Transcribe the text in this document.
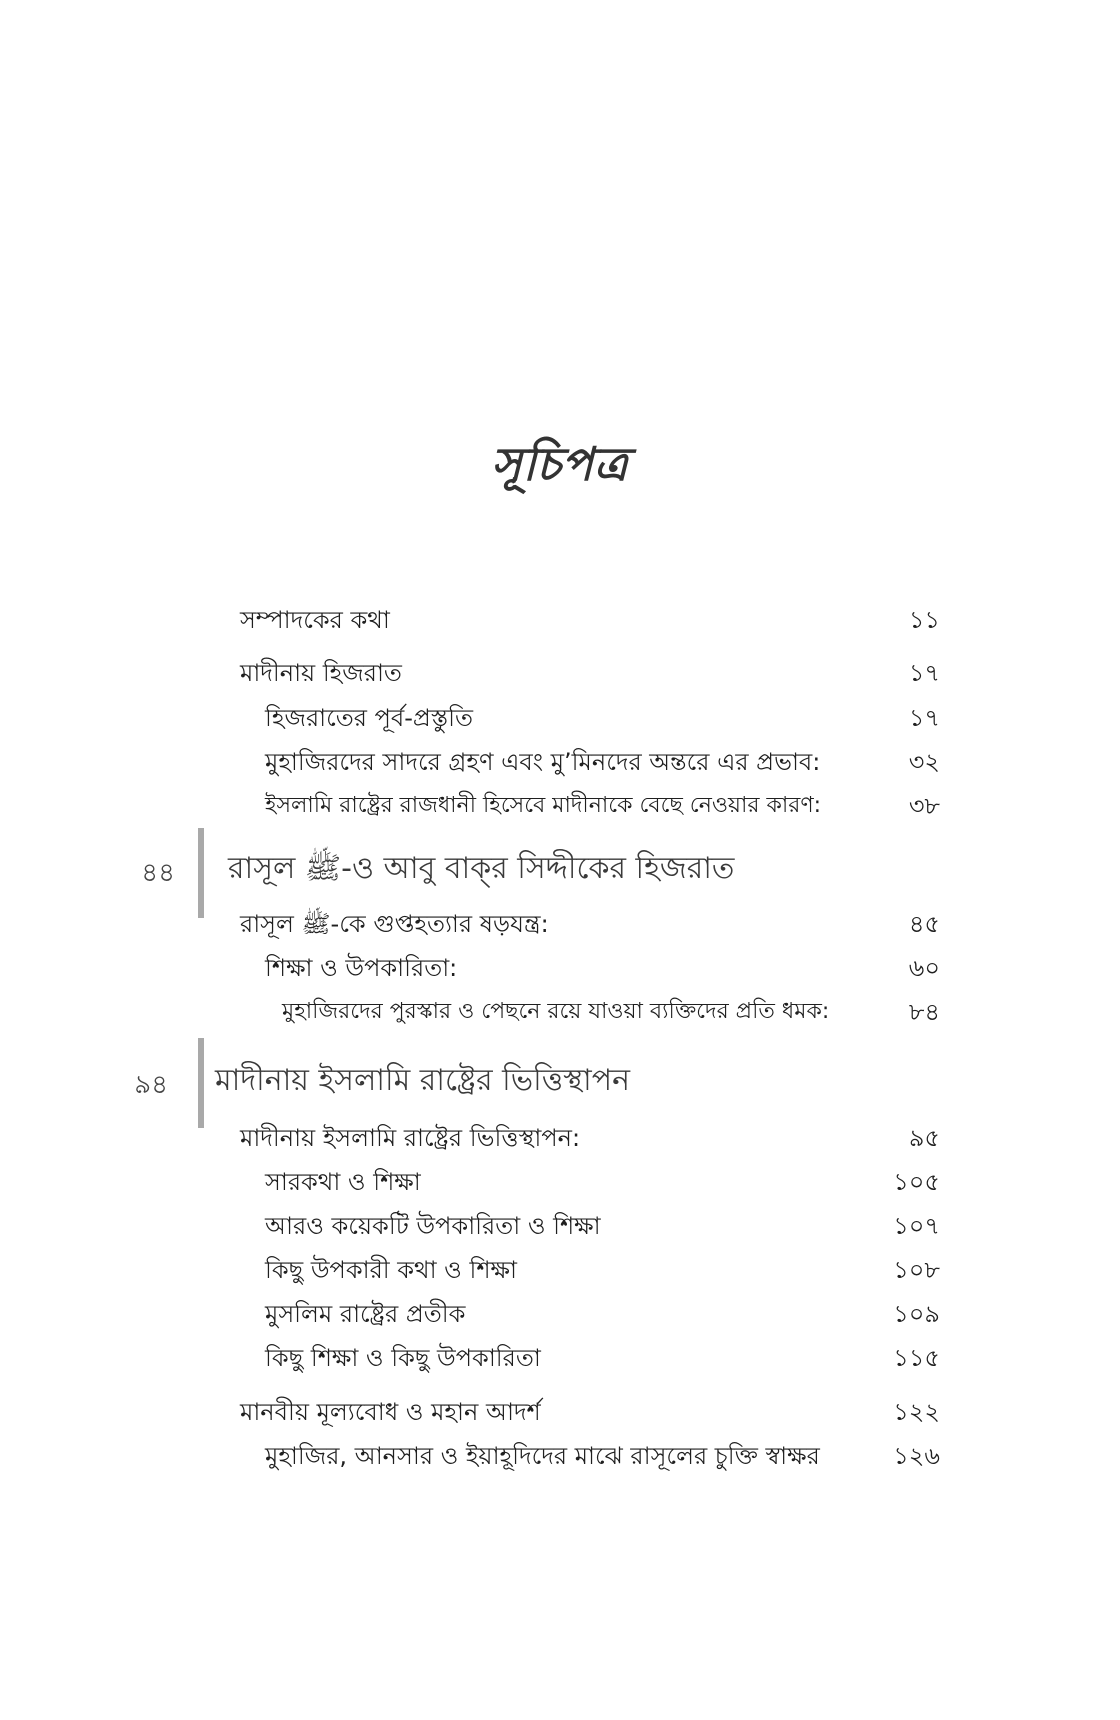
সূচিপত্র
সম্পাদকের কথা	১১
মাদীনায় হিজরাত	১৭
হিজরাতের পূর্ব-প্রস্তুতি	১৭
মুহাজিরদের সাদরে গ্রহণ এবং মু’মিনদের অন্তরে এর প্রভাব:	৩২
ইসলামি রাষ্ট্রের রাজধানী হিসেবে মাদীনাকে বেছে নেওয়ার কারণ:	৩৮
৪৪ রাসূল ﷺ-ও আবু বাক্‌র সিদ্দীকের হিজরাত
রাসূল ﷺ-কে গুপ্তহত্যার ষড়যন্ত্র:	৪৫
শিক্ষা ও উপকারিতা:	৬০
মুহাজিরদের পুরস্কার ও পেছনে রয়ে যাওয়া ব্যক্তিদের প্রতি ধমক:	৮৪
৯৪ মাদীনায় ইসলামি রাষ্ট্রের ভিত্তিস্থাপন
মাদীনায় ইসলামি রাষ্ট্রের ভিত্তিস্থাপন:	৯৫
সারকথা ও শিক্ষা	১০৫
আরও কয়েকটি উপকারিতা ও শিক্ষা	১০৭
কিছু উপকারী কথা ও শিক্ষা	১০৮
মুসলিম রাষ্ট্রের প্রতীক	১০৯
কিছু শিক্ষা ও কিছু উপকারিতা	১১৫
মানবীয় মূল্যবোধ ও মহান আদর্শ	১২২
মুহাজির, আনসার ও ইয়াহূদিদের মাঝে রাসূলের চুক্তি স্বাক্ষর	১২৬
